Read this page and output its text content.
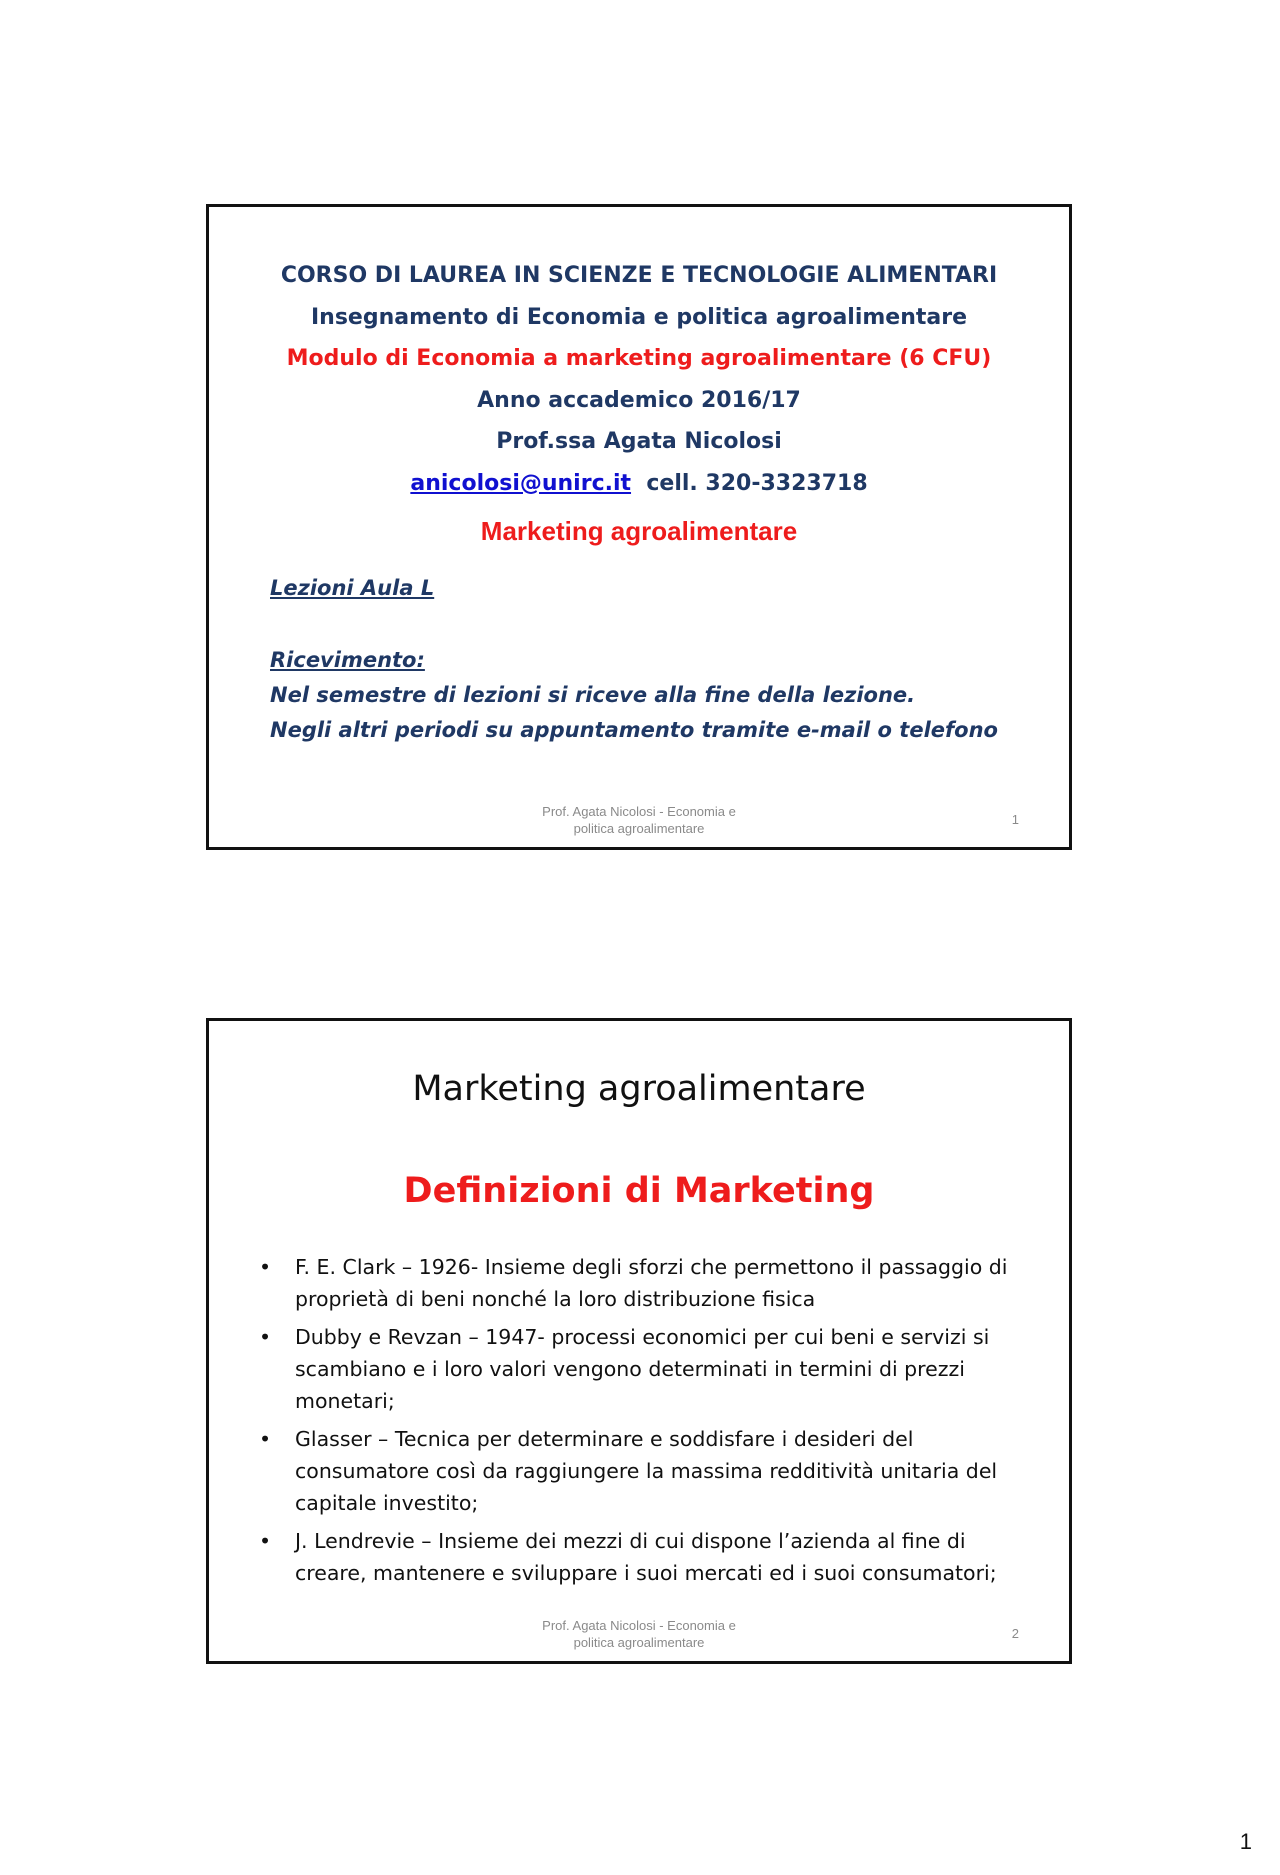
CORSO DI LAUREA IN SCIENZE E TECNOLOGIE ALIMENTARI
Insegnamento di Economia e politica agroalimentare
Modulo di Economia a marketing agroalimentare (6 CFU)
Anno accademico 2016/17
Prof.ssa Agata Nicolosi
anicolosi@unirc.it cell. 320-3323718
Marketing agroalimentare
Lezioni Aula L
Ricevimento:
Nel semestre di lezioni si riceve alla fine della lezione.
Negli altri periodi su appuntamento tramite e-mail o telefono
Prof. Agata Nicolosi - Economia e
politica agroalimentare
1
Marketing agroalimentare
Definizioni di Marketing
• F. E. Clark – 1926- Insieme degli sforzi che permettono il passaggio di proprietà di beni nonché la loro distribuzione fisica
• Dubby e Revzan – 1947- processi economici per cui beni e servizi si scambiano e i loro valori vengono determinati in termini di prezzi monetari;
• Glasser – Tecnica per determinare e soddisfare i desideri del consumatore così da raggiungere la massima redditività unitaria del capitale investito;
• J. Lendrevie – Insieme dei mezzi di cui dispone l’azienda al fine di creare, mantenere e sviluppare i suoi mercati ed i suoi consumatori;
Prof. Agata Nicolosi - Economia e
politica agroalimentare
2
1
